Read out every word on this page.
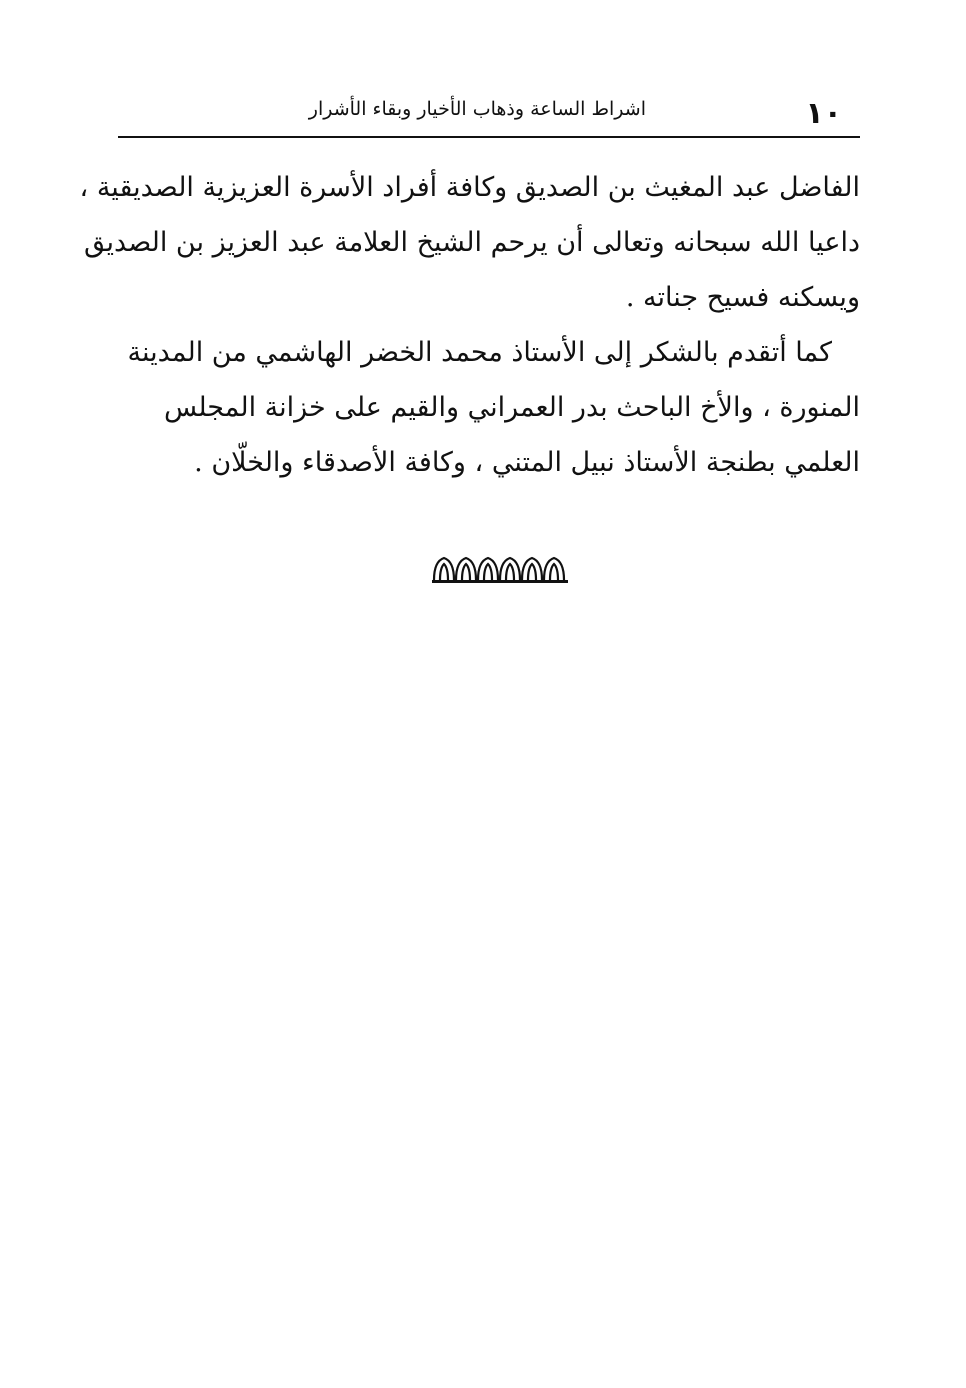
١٠
اشراط الساعة وذهاب الأخيار وبقاء الأشرار

الفاضل عبد المغيث بن الصديق وكافة أفراد الأسرة العزيزية الصديقية ،
داعيا الله سبحانه وتعالى أن يرحم الشيخ العلامة عبد العزيز بن الصديق
ويسكنه فسيح جناته .

كما أتقدم بالشكر إلى الأستاذ محمد الخضر الهاشمي من المدينة
المنورة ، والأخ الباحث بدر العمراني والقيم على خزانة المجلس
العلمي بطنجة الأستاذ نبيل المتني ، وكافة الأصدقاء والخلّان .
